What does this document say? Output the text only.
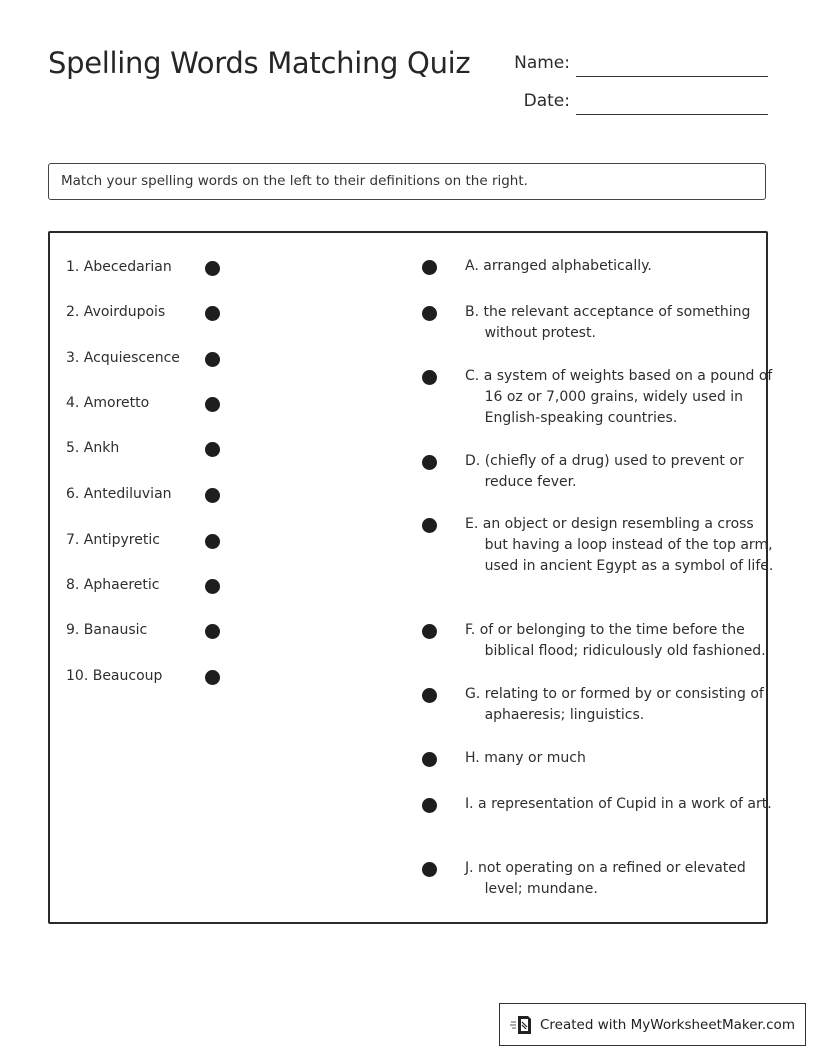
Spelling Words Matching Quiz	Name:
Date:
Match your spelling words on the left to their definitions on the right.
1. Abecedarian
2. Avoirdupois
3. Acquiescence
4. Amoretto
5. Ankh
6. Antediluvian
7. Antipyretic
8. Aphaeretic
9. Banausic
10. Beaucoup
A. arranged alphabetically.
B. the relevant acceptance of something without protest.
C. a system of weights based on a pound of 16 oz or 7,000 grains, widely used in English-speaking countries.
D. (chiefly of a drug) used to prevent or reduce fever.
E. an object or design resembling a cross but having a loop instead of the top arm, used in ancient Egypt as a symbol of life.
F. of or belonging to the time before the biblical flood; ridiculously old fashioned.
G. relating to or formed by or consisting of aphaeresis; linguistics.
H. many or much
I. a representation of Cupid in a work of art.
J. not operating on a refined or elevated level; mundane.
Created with MyWorksheetMaker.com
